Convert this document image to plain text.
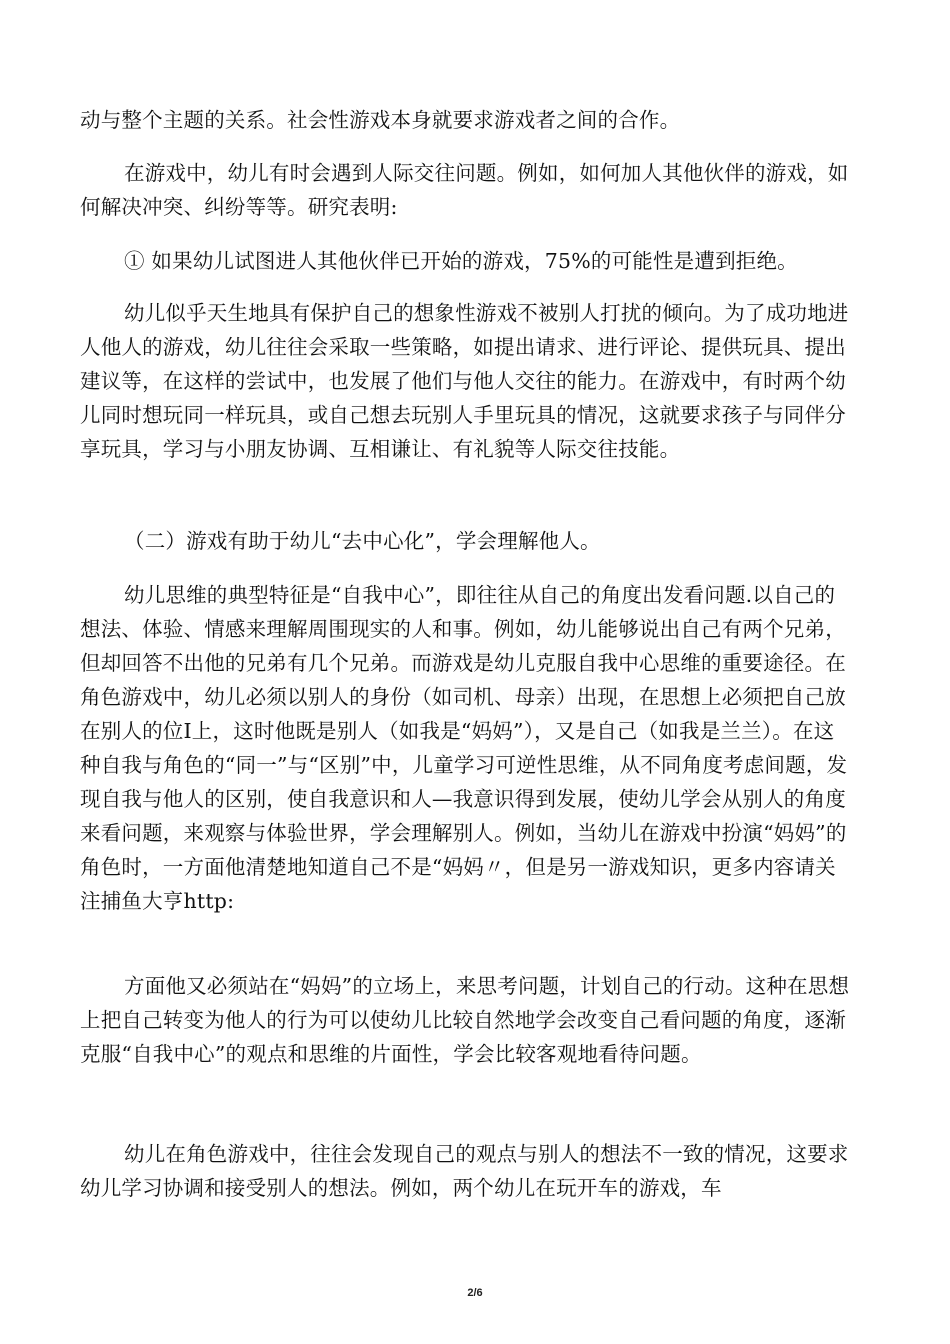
动与整个主题的关系。社会性游戏本身就要求游戏者之间的合作。

在游戏中，幼儿有时会遇到人际交往问题。例如，如何加人其他伙伴的游戏，如何解决冲突、纠纷等等。研究表明:

① 如果幼儿试图进人其他伙伴已开始的游戏，75%的可能性是遭到拒绝。

幼儿似乎天生地具有保护自己的想象性游戏不被别人打扰的倾向。为了成功地进人他人的游戏，幼儿往往会采取一些策略，如提出请求、进行评论、提供玩具、提出建议等，在这样的尝试中，也发展了他们与他人交往的能力。在游戏中，有时两个幼儿同时想玩同一样玩具，或自己想去玩别人手里玩具的情况，这就要求孩子与同伴分享玩具，学习与小朋友协调、互相谦让、有礼貌等人际交往技能。

（二）游戏有助于幼儿“去中心化”，学会理解他人。

幼儿思维的典型特征是“自我中心”，即往往从自己的角度出发看问题.以自己的想法、体验、情感来理解周围现实的人和事。例如，幼儿能够说出自己有两个兄弟，但却回答不出他的兄弟有几个兄弟。而游戏是幼儿克服自我中心思维的重要途径。在角色游戏中，幼儿必须以别人的身份（如司机、母亲）出现，在思想上必须把自己放在别人的位I上，这时他既是别人（如我是“妈妈”），又是自己（如我是兰兰）。在这种自我与角色的“同一”与“区别”中，儿童学习可逆性思维，从不同角度考虑间题，发现自我与他人的区别，使自我意识和人—我意识得到发展，使幼儿学会从别人的角度来看问题，来观察与体验世界，学会理解别人。例如，当幼儿在游戏中扮演“妈妈”的角色时，一方面他清楚地知道自己不是“妈妈〃，但是另一游戏知识，更多内容请关注捕鱼大亨http:

方面他又必须站在“妈妈”的立场上，来思考问题，计划自己的行动。这种在思想上把自己转变为他人的行为可以使幼儿比较自然地学会改变自己看问题的角度，逐渐克服“自我中心”的观点和思维的片面性，学会比较客观地看待问题。

幼儿在角色游戏中，往往会发现自己的观点与别人的想法不一致的情况，这要求幼儿学习协调和接受别人的想法。例如，两个幼儿在玩开车的游戏，车

2/6
